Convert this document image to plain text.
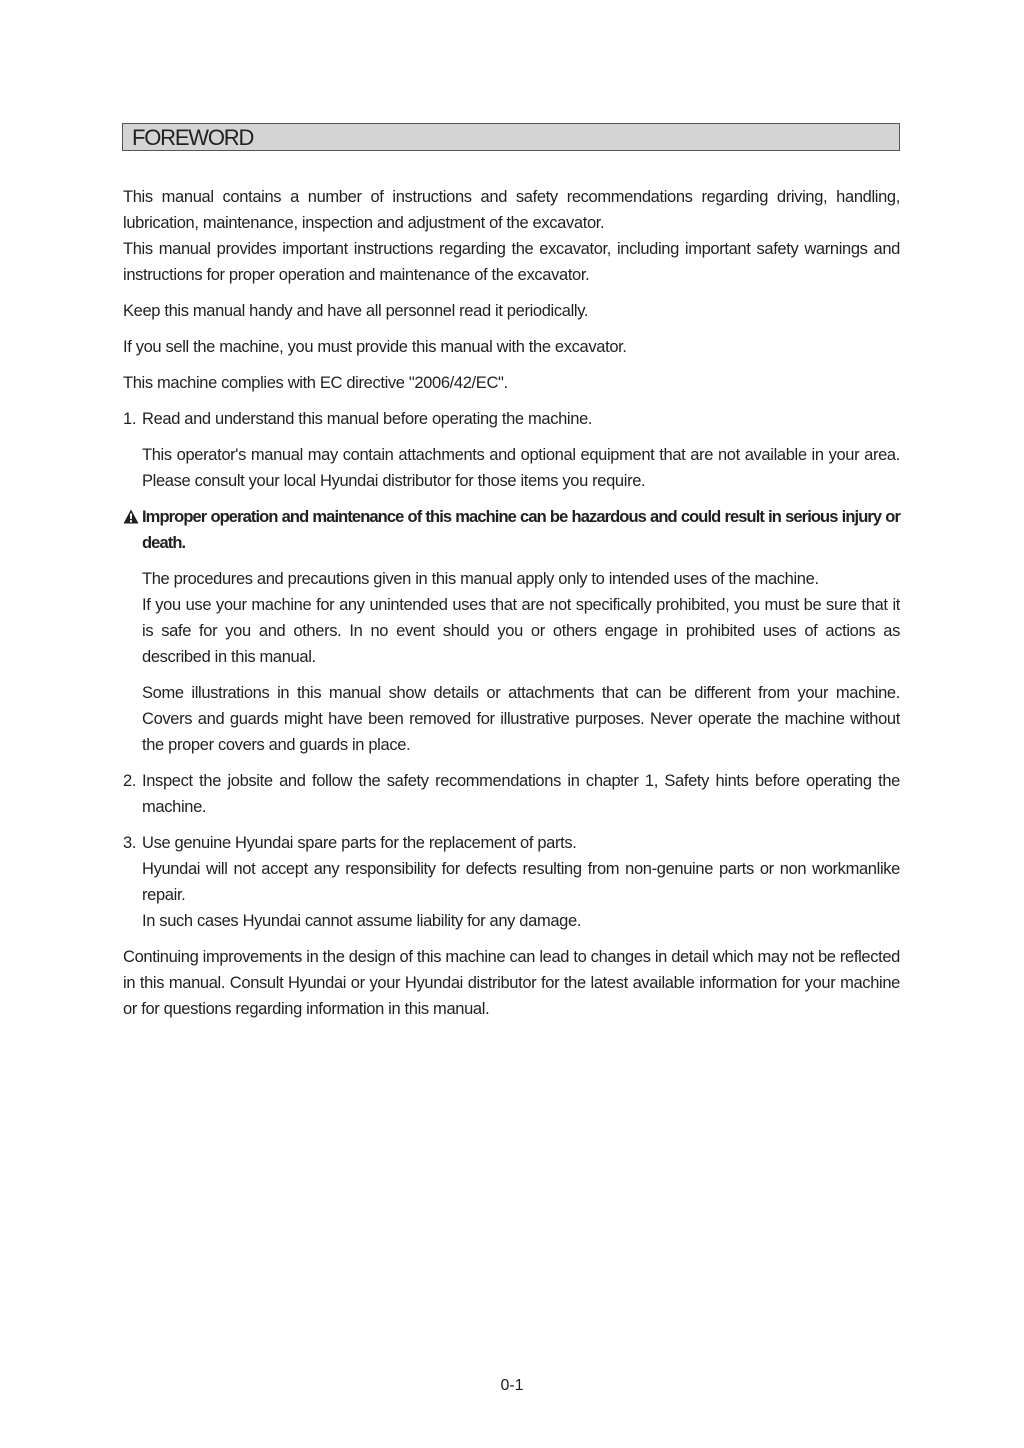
FOREWORD

This manual contains a number of instructions and safety recommendations regarding driving, handling, lubrication, maintenance, inspection and adjustment of the excavator.

This manual provides important instructions regarding the excavator, including important safety warnings and instructions for proper operation and maintenance of the excavator.

Keep this manual handy and have all personnel read it periodically.

If you sell the machine, you must provide this manual with the excavator.

This machine complies with EC directive "2006/42/EC".

1. Read and understand this manual before operating the machine.

This operator's manual may contain attachments and optional equipment that are not available in your area. Please consult your local Hyundai distributor for those items you require.

Improper operation and maintenance of this machine can be hazardous and could result in serious injury or death.

The procedures and precautions given in this manual apply only to intended uses of the machine.

If you use your machine for any unintended uses that are not specifically prohibited, you must be sure that it is safe for you and others. In no event should you or others engage in prohibited uses of actions as described in this manual.

Some illustrations in this manual show details or attachments that can be different from your machine. Covers and guards might have been removed for illustrative purposes. Never operate the machine without the proper covers and guards in place.

2. Inspect the jobsite and follow the safety recommendations in chapter 1, Safety hints before operating the machine.
3. Use genuine Hyundai spare parts for the replacement of parts.
Hyundai will not accept any responsibility for defects resulting from non-genuine parts or non workmanlike repair.
In such cases Hyundai cannot assume liability for any damage.

Continuing improvements in the design of this machine can lead to changes in detail which may not be reflected in this manual. Consult Hyundai or your Hyundai distributor for the latest available information for your machine or for questions regarding information in this manual.

0-1
